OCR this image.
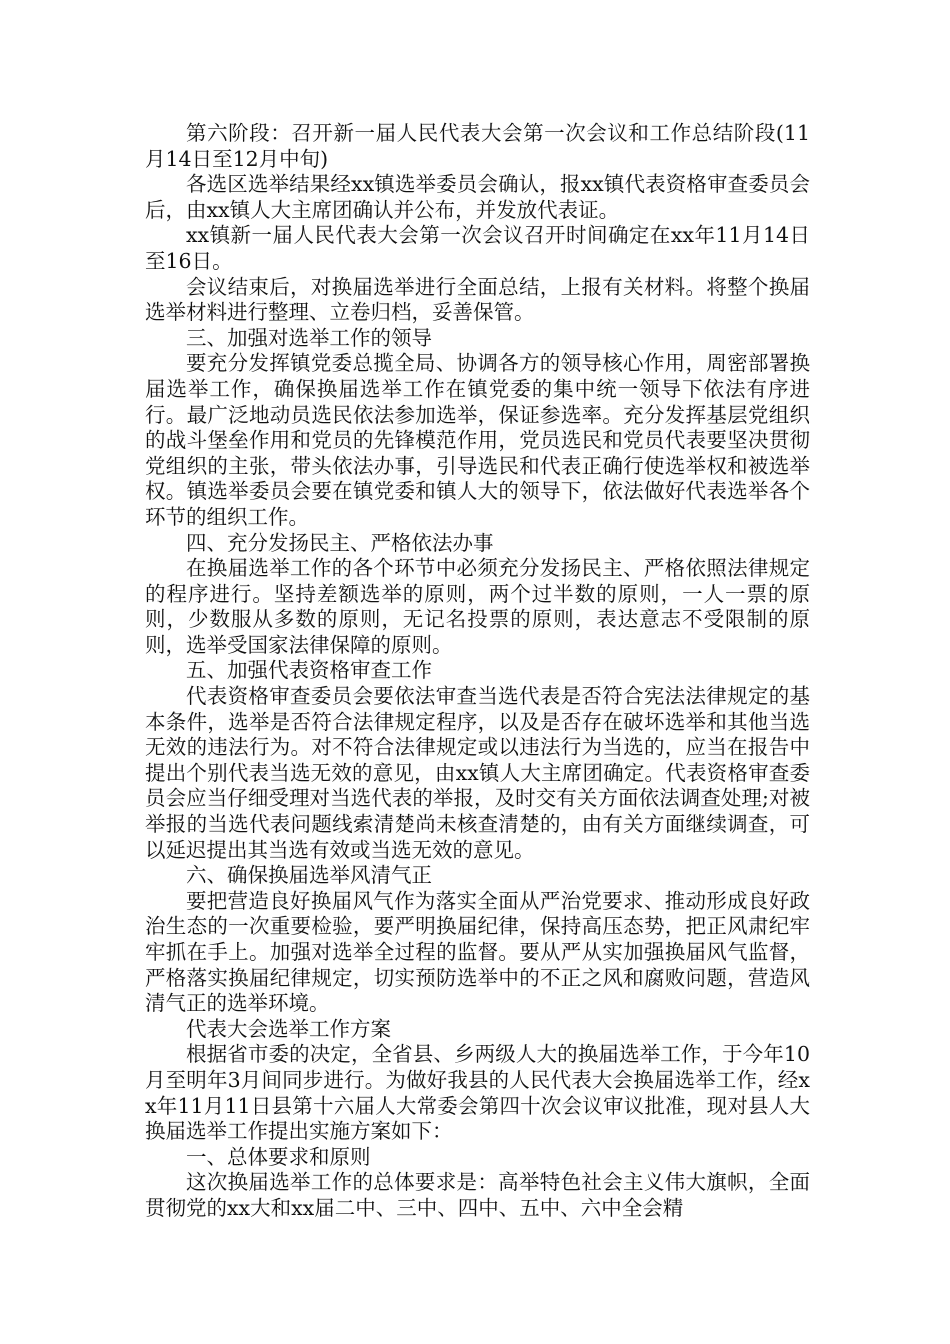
第六阶段：召开新一届人民代表大会第一次会议和工作总结阶段(11月14日至12月中旬)

各选区选举结果经xx镇选举委员会确认，报xx镇代表资格审查委员会后，由xx镇人大主席团确认并公布，并发放代表证。

xx镇新一届人民代表大会第一次会议召开时间确定在xx年11月14日至16日。

会议结束后，对换届选举进行全面总结，上报有关材料。将整个换届选举材料进行整理、立卷归档，妥善保管。

三、加强对选举工作的领导

要充分发挥镇党委总揽全局、协调各方的领导核心作用，周密部署换届选举工作，确保换届选举工作在镇党委的集中统一领导下依法有序进行。最广泛地动员选民依法参加选举，保证参选率。充分发挥基层党组织的战斗堡垒作用和党员的先锋模范作用，党员选民和党员代表要坚决贯彻党组织的主张，带头依法办事，引导选民和代表正确行使选举权和被选举权。镇选举委员会要在镇党委和镇人大的领导下，依法做好代表选举各个环节的组织工作。

四、充分发扬民主、严格依法办事

在换届选举工作的各个环节中必须充分发扬民主、严格依照法律规定的程序进行。坚持差额选举的原则，两个过半数的原则，一人一票的原则，少数服从多数的原则，无记名投票的原则，表达意志不受限制的原则，选举受国家法律保障的原则。

五、加强代表资格审查工作

代表资格审查委员会要依法审查当选代表是否符合宪法法律规定的基本条件，选举是否符合法律规定程序，以及是否存在破坏选举和其他当选无效的违法行为。对不符合法律规定或以违法行为当选的，应当在报告中提出个别代表当选无效的意见，由xx镇人大主席团确定。代表资格审查委员会应当仔细受理对当选代表的举报，及时交有关方面依法调查处理;对被举报的当选代表问题线索清楚尚未核查清楚的，由有关方面继续调查，可以延迟提出其当选有效或当选无效的意见。

六、确保换届选举风清气正

要把营造良好换届风气作为落实全面从严治党要求、推动形成良好政治生态的一次重要检验，要严明换届纪律，保持高压态势，把正风肃纪牢牢抓在手上。加强对选举全过程的监督。要从严从实加强换届风气监督，严格落实换届纪律规定，切实预防选举中的不正之风和腐败问题，营造风清气正的选举环境。

代表大会选举工作方案

根据省市委的决定，全省县、乡两级人大的换届选举工作，于今年10月至明年3月间同步进行。为做好我县的人民代表大会换届选举工作，经xx年11月11日县第十六届人大常委会第四十次会议审议批准，现对县人大换届选举工作提出实施方案如下：

一、总体要求和原则

这次换届选举工作的总体要求是：高举特色社会主义伟大旗帜，全面贯彻党的xx大和xx届二中、三中、四中、五中、六中全会精
